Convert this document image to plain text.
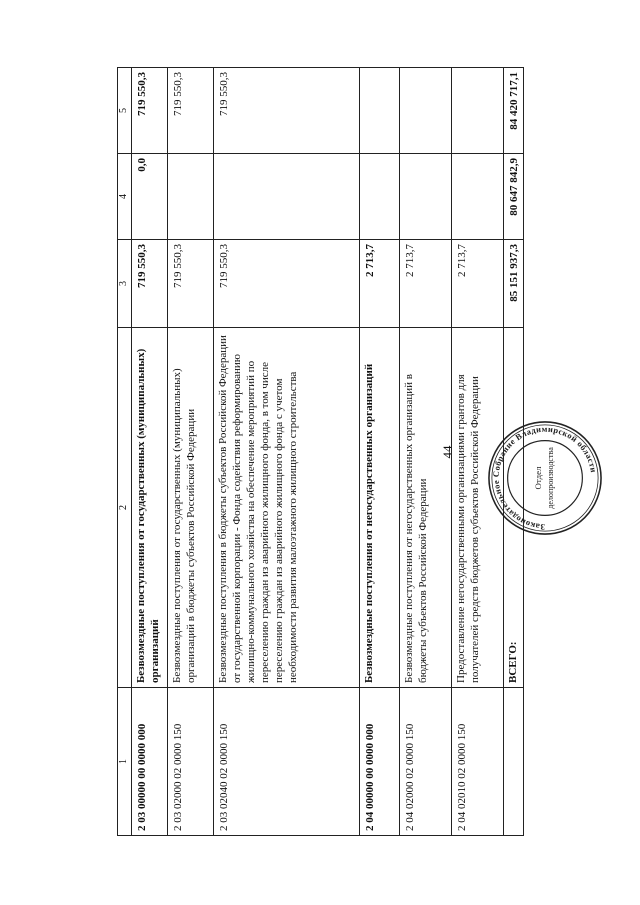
44
1	2	3	4	5
2 03 00000 00 0000 000	Безвозмездные поступления от государственных (муниципальных) организаций	719 550,3	0,0	719 550,3
2 03 02000 02 0000 150	Безвозмездные поступления от государственных (муниципальных) организаций в бюджеты субъектов Российской Федерации	719 550,3		719 550,3
2 03 02040 02 0000 150	Безвозмездные поступления в бюджеты субъектов Российской Федерации от государственной корпорации - Фонда содействия реформированию жилищно-коммунального хозяйства на обеспечение мероприятий по переселению граждан из аварийного жилищного фонда, в том числе переселению граждан из аварийного жилищного фонда с учетом необходимости развития малоэтажного жилищного строительства	719 550,3		719 550,3
2 04 00000 00 0000 000	Безвозмездные поступления от негосударственных организаций	2 713,7		
2 04 02000 02 0000 150	Безвозмездные поступления от негосударственных организаций в бюджеты субъектов Российской Федерации	2 713,7		
2 04 02010 02 0000 150	Предоставление негосударственными организациями грантов для получателей средств бюджетов субъектов Российской Федерации	2 713,7		
	ВСЕГО:	85 151 937,3	80 647 842,9	84 420 717,1
Законодательное Собрание Владимирской области
Отдел делопроизводства
